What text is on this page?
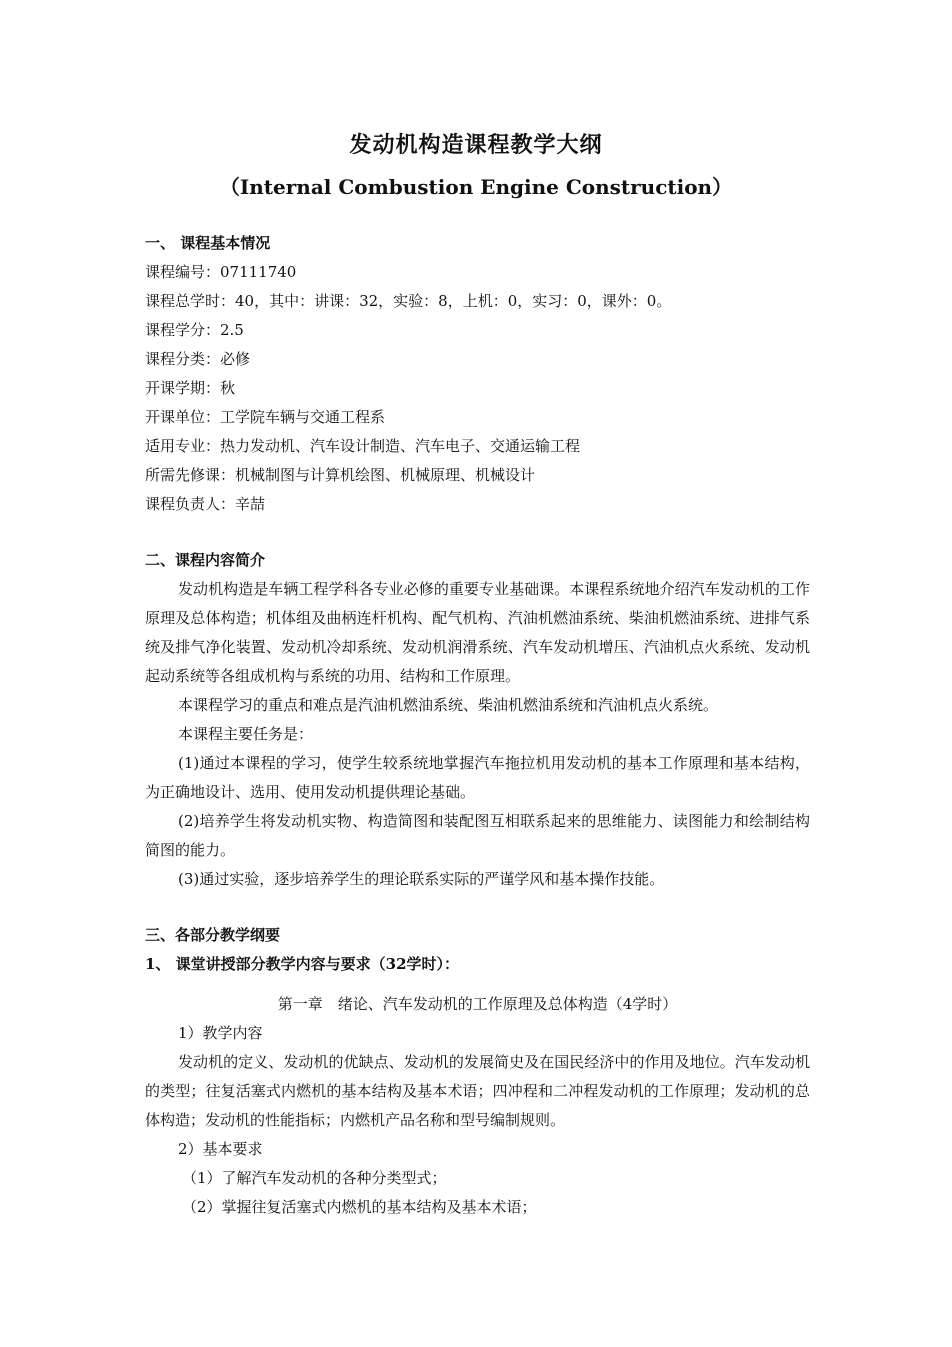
发动机构造课程教学大纲
（Internal Combustion Engine Construction）
一、 课程基本情况
课程编号：07111740
课程总学时：40，其中：讲课：32，实验：8，上机：0，实习：0，课外：0。
课程学分：2.5
课程分类：必修
开课学期：秋
开课单位：工学院车辆与交通工程系
适用专业：热力发动机、汽车设计制造、汽车电子、交通运输工程
所需先修课：机械制图与计算机绘图、机械原理、机械设计
课程负责人：辛喆
二、课程内容简介
发动机构造是车辆工程学科各专业必修的重要专业基础课。本课程系统地介绍汽车发动机的工作原理及总体构造；机体组及曲柄连杆机构、配气机构、汽油机燃油系统、柴油机燃油系统、进排气系统及排气净化装置、发动机冷却系统、发动机润滑系统、汽车发动机增压、汽油机点火系统、发动机起动系统等各组成机构与系统的功用、结构和工作原理。
本课程学习的重点和难点是汽油机燃油系统、柴油机燃油系统和汽油机点火系统。
本课程主要任务是：
(1)通过本课程的学习，使学生较系统地掌握汽车拖拉机用发动机的基本工作原理和基本结构，为正确地设计、选用、使用发动机提供理论基础。
(2)培养学生将发动机实物、构造简图和装配图互相联系起来的思维能力、读图能力和绘制结构简图的能力。
(3)通过实验，逐步培养学生的理论联系实际的严谨学风和基本操作技能。
三、各部分教学纲要
1、 课堂讲授部分教学内容与要求（32学时）：
第一章　绪论、汽车发动机的工作原理及总体构造（4学时）
1）教学内容
发动机的定义、发动机的优缺点、发动机的发展简史及在国民经济中的作用及地位。汽车发动机的类型；往复活塞式内燃机的基本结构及基本术语；四冲程和二冲程发动机的工作原理；发动机的总体构造；发动机的性能指标；内燃机产品名称和型号编制规则。
2）基本要求
（1）了解汽车发动机的各种分类型式；
（2）掌握往复活塞式内燃机的基本结构及基本术语；
